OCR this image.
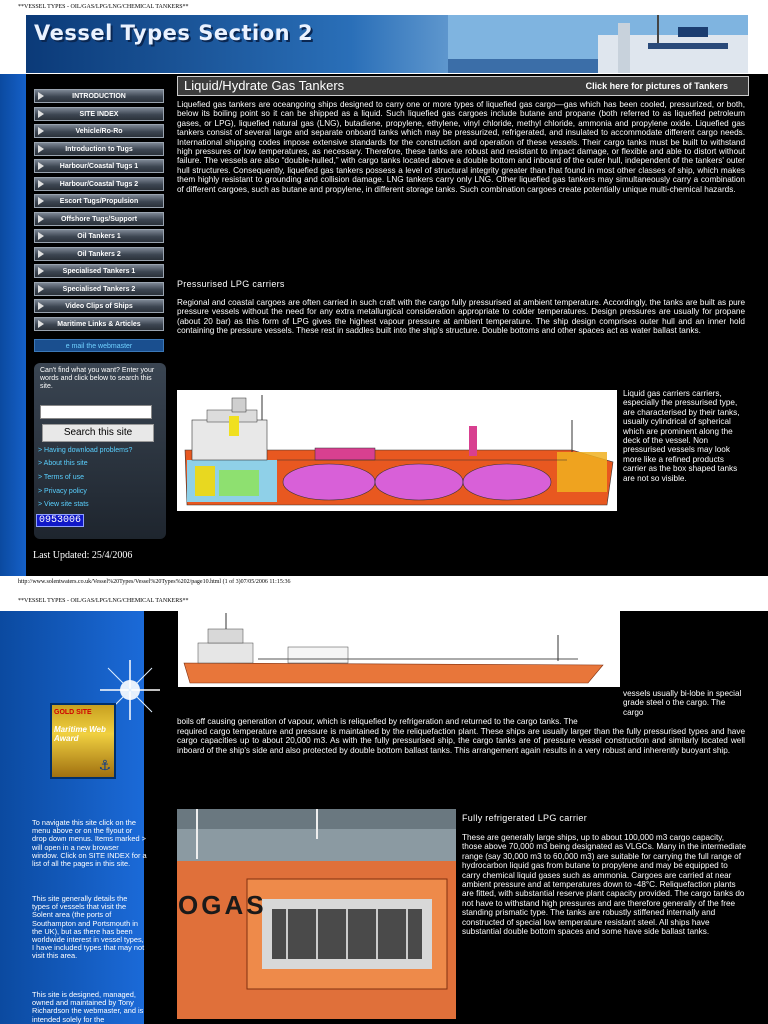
**VESSEL TYPES - OIL/GAS/LPG/LNG/CHEMICAL TANKERS**
**VESSEL TYPES - OIL/GAS/LPG/LNG/CHEMICAL TANKERS**
http://www.solentwaters.co.uk/Vessel%20Types/Vessel%20Types%202/page10.html (1 of 3)07/05/2006 11:15:36
Vessel Types Section 2
INTRODUCTION
SITE INDEX
Vehicle/Ro-Ro
Introduction to Tugs
Harbour/Coastal Tugs 1
Harbour/Coastal Tugs 2
Escort Tugs/Propulsion
Offshore Tugs/Support
Oil Tankers 1
Oil Tankers 2
Specialised Tankers 1
Specialised Tankers 2
Video Clips of Ships
Maritime Links & Articles
e mail the webmaster
Can't find what you want? Enter your words and click below to search this site.
Search this site
> Having download problems?
> About this site
> Terms of use
> Privacy policy
> View site stats
0953006
Last Updated: 25/4/2006
Liquid/Hydrate Gas Tankers	Click here for pictures of Tankers
Liquefied gas tankers are oceangoing ships designed to carry one or more types of liquefied gas cargo—gas which has been cooled, pressurized, or both, below its boiling point so it can be shipped as a liquid. Such liquefied gas cargoes include butane and propane (both referred to as liquefied petroleum gases, or LPG), liquefied natural gas (LNG), butadiene, propylene, ethylene, vinyl chloride, methyl chloride, ammonia and propylene oxide. Liquefied gas tankers consist of several large and separate onboard tanks which may be pressurized, refrigerated, and insulated to accommodate different cargo needs. International shipping codes impose extensive standards for the construction and operation of these vessels. Their cargo tanks must be built to withstand high pressures or low temperatures, as necessary. Therefore, these tanks are robust and resistant to impact damage, or flexible and able to distort without failure. The vessels are also “double-hulled,” with cargo tanks located above a double bottom and inboard of the outer hull, independent of the tankers' outer hull structures. Consequently, liquefied gas tankers possess a level of structural integrity greater than that found in most other classes of ship, which makes them highly resistant to grounding and collision damage. LNG tankers carry only LNG. Other liquefied gas tankers may simultaneously carry a combination of different cargoes, such as butane and propylene, in different storage tanks. Such combination cargoes create potentially unique multi-chemical hazards.
Pressurised LPG carriers
Regional and coastal cargoes are often carried in such craft with the cargo fully pressurised at ambient temperature. Accordingly, the tanks are built as pure pressure vessels without the need for any extra metallurgical consideration appropriate to colder temperatures. Design pressures are usually for propane (about 20 bar) as this form of LPG gives the highest vapour pressure at ambient temperature. The ship design comprises outer hull and an inner hold containing the pressure vessels. These rest in saddles built into the ship's structure. Double bottoms and other spaces act as water ballast tanks.
Liquid gas carriers carriers, especially the pressurised type, are characterised by their tanks, usually cylindrical of spherical which are prominent along the deck of the vessel. Non pressurised vessels may look more like a refined products carrier as the box shaped tanks are not so visible.
GOLD SITE
Maritime Web Award
⚓
vessels usually bi-lobe in special grade steel o the cargo. The cargo
boils off causing generation of vapour, which is reliquefied by refrigeration and returned to the cargo tanks. The
required cargo temperature and pressure is maintained by the reliquefaction plant. These ships are usually larger than the fully pressurised types and have cargo capacities up to about 20,000 m3. As with the fully pressurised ship, the cargo tanks are of pressure vessel construction and similarly located well inboard of the ship's side and also protected by double bottom ballast tanks. This arrangement again results in a very robust and inherently buoyant ship.
OGAS
Fully refrigerated LPG carrier
These are generally large ships, up to about 100,000 m3 cargo capacity, those above 70,000 m3 being designated as VLGCs. Many in the intermediate range (say 30,000 m3 to 60,000 m3) are suitable for carrying the full range of hydrocarbon liquid gas from butane to propylene and may be equipped to carry chemical liquid gases such as ammonia. Cargoes are carried at near ambient pressure and at temperatures down to -48°C. Reliquefaction plants are fitted, with substantial reserve plant capacity provided. The cargo tanks do not have to withstand high pressures and are therefore generally of the free standing prismatic type. The tanks are robustly stiffened internally and constructed of special low temperature resistant steel. All ships have substantial double bottom spaces and some have side ballast tanks.
To navigate this site click on the menu above or on the flyout or drop down menus. Items marked > will open in a new browser window. Click on SITE INDEX for a list of all the pages in this site.
This site generally details the types of vessels that visit the Solent area (the ports of Southampton and Portsmouth in the UK), but as there has been worldwide interest in vessel types, I have included types that may not visit this area.
This site is designed, managed, owned and maintained by Tony Richardson the webmaster, and is intended solely for the
